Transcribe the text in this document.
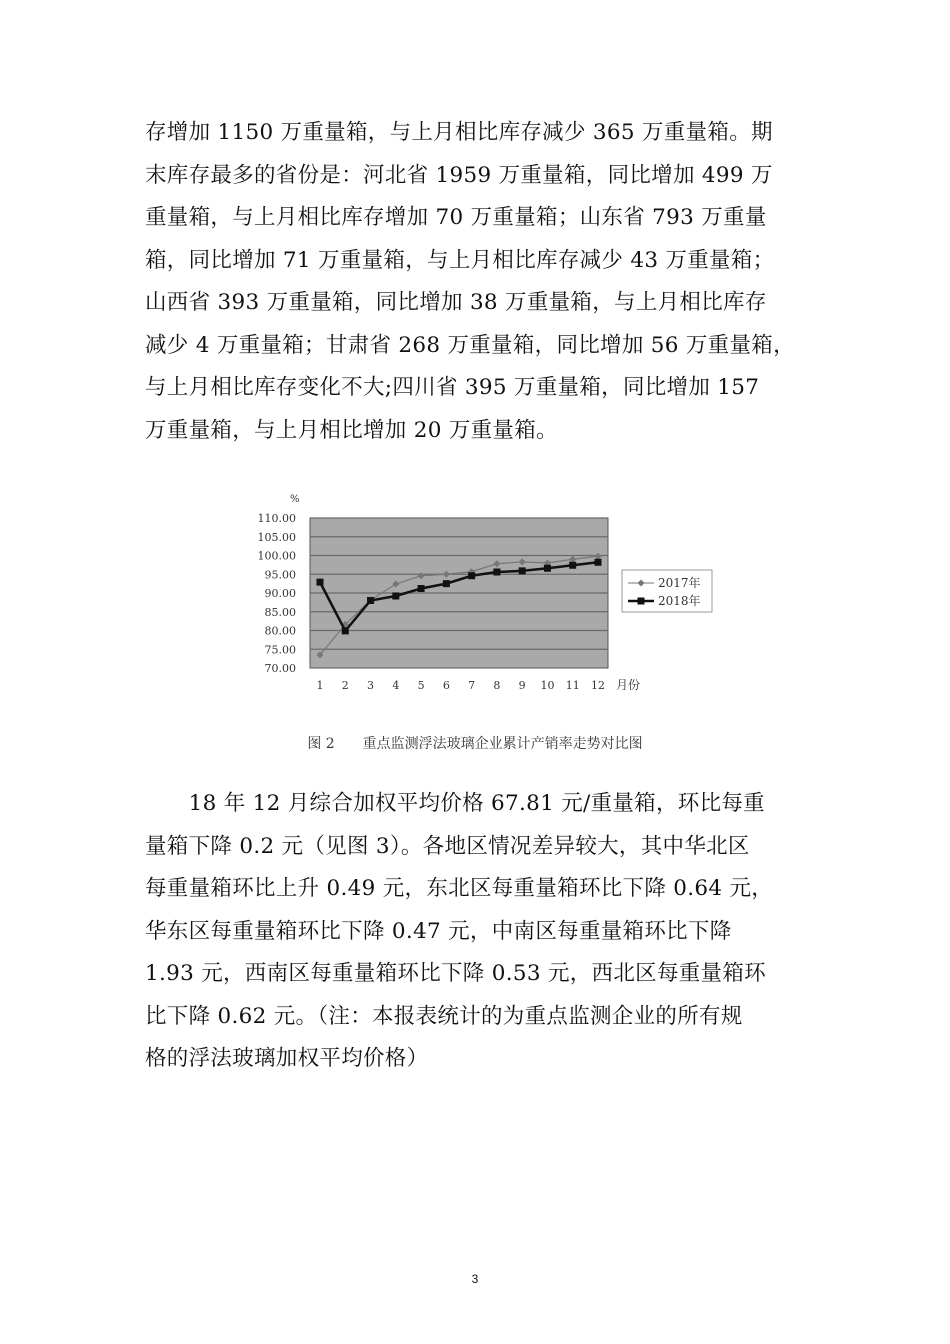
存增加 1150 万重量箱，与上月相比库存减少 365 万重量箱。期
末库存最多的省份是：河北省 1959 万重量箱，同比增加 499 万
重量箱，与上月相比库存增加 70 万重量箱；山东省 793 万重量
箱，同比增加 71 万重量箱，与上月相比库存减少 43 万重量箱；
山西省 393 万重量箱，同比增加 38 万重量箱，与上月相比库存
减少 4 万重量箱；甘肃省 268 万重量箱，同比增加 56 万重量箱，
与上月相比库存变化不大;四川省 395 万重量箱，同比增加 157
万重量箱，与上月相比增加 20 万重量箱。
70.00
75.00
80.00
85.00
90.00
95.00
100.00
105.00
110.00
%
1 2 3 4 5 6 7 8 9 10 11 12 月份
2017年
2018年
图 2　　重点监测浮法玻璃企业累计产销率走势对比图
　　18 年 12 月综合加权平均价格 67.81 元/重量箱，环比每重
量箱下降 0.2 元（见图 3）。各地区情况差异较大，其中华北区
每重量箱环比上升 0.49 元，东北区每重量箱环比下降 0.64 元，
华东区每重量箱环比下降 0.47 元，中南区每重量箱环比下降
1.93 元，西南区每重量箱环比下降 0.53 元，西北区每重量箱环
比下降 0.62 元。（注：本报表统计的为重点监测企业的所有规
格的浮法玻璃加权平均价格）
3
